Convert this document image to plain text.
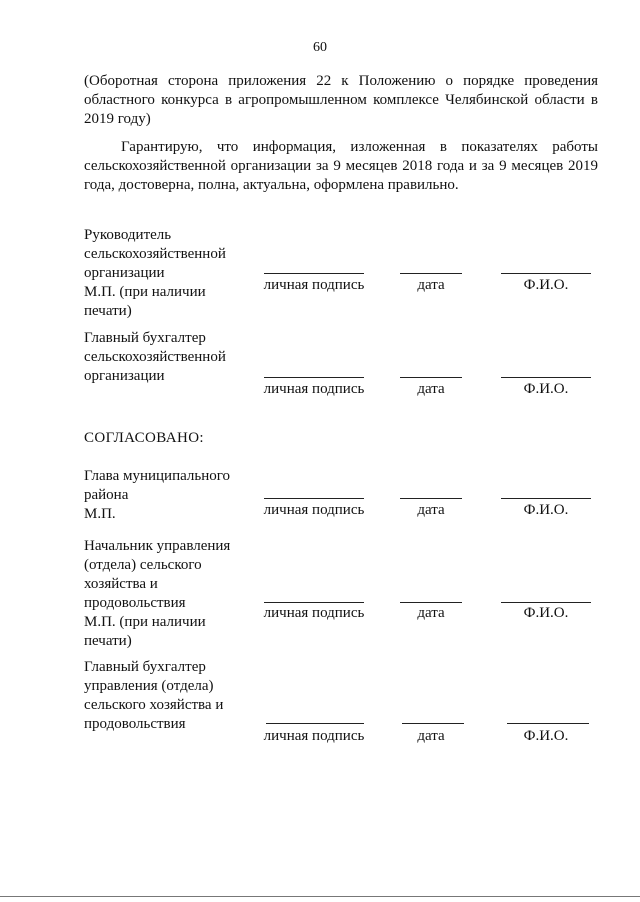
60

(Оборотная сторона приложения 22 к Положению о порядке проведения областного конкурса в агропромышленном комплексе Челябинской области в 2019 году)

Гарантирую, что информация, изложенная в показателях работы сельскохозяйственной организации за 9 месяцев 2018 года и за 9 месяцев 2019 года, достоверна, полна, актуальна, оформлена правильно.

Руководитель
сельскохозяйственной
организации
М.П. (при наличии
печати)
личная подпись	дата	Ф.И.О.
Главный бухгалтер
сельскохозяйственной
организации
личная подпись	дата	Ф.И.О.
СОГЛАСОВАНО:
Глава муниципального
района
М.П.	личная подпись	дата	Ф.И.О.
Начальник управления
(отдела) сельского
хозяйства и
продовольствия
М.П. (при наличии
печати)
личная подпись	дата	Ф.И.О.
Главный бухгалтер
управления (отдела)
сельского хозяйства и
продовольствия
личная подпись	дата	Ф.И.О.
